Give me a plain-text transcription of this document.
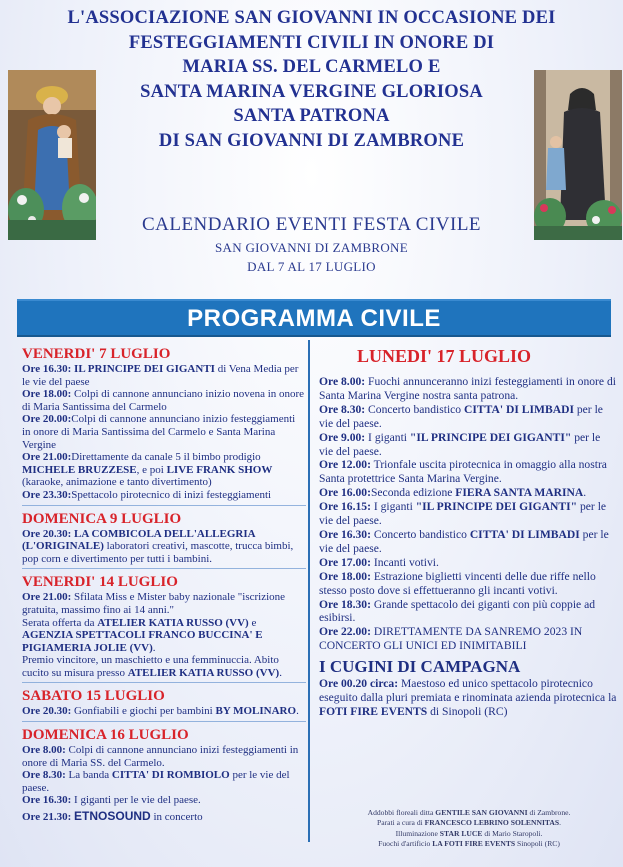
L'ASSOCIAZIONE SAN GIOVANNI IN OCCASIONE DEI
FESTEGGIAMENTI CIVILI IN ONORE DI
MARIA SS. DEL CARMELO E
SANTA MARINA VERGINE GLORIOSA
SANTA PATRONA
DI SAN GIOVANNI DI ZAMBRONE
CALENDARIO EVENTI FESTA CIVILE
SAN GIOVANNI DI ZAMBRONE
DAL 7 AL 17 LUGLIO
PROGRAMMA CIVILE
VENERDI' 7 LUGLIO

Ore 16.30: IL PRINCIPE DEI GIGANTI di Vena Media per le vie del paese

Ore 18.00: Colpi di cannone annunciano inizio novena in onore di Maria Santissima del Carmelo

Ore 20.00:Colpi di cannone annunciano inizio festeggiamenti in onore di Maria Santissima del Carmelo e Santa Marina Vergine

Ore 21.00:Direttamente da canale 5 il bimbo prodigio MICHELE BRUZZESE, e poi LIVE FRANK SHOW (karaoke, animazione e tanto divertimento)

Ore 23.30:Spettacolo pirotecnico di inizi festeggiamenti

DOMENICA 9 LUGLIO

Ore 20.30: LA COMBICOLA DELL'ALLEGRIA (L'ORIGINALE) laboratori creativi, mascotte, trucca bimbi, pop corn e divertimento per tutti i bambini.

VENERDI' 14 LUGLIO

Ore 21.00: Sfilata Miss e Mister baby nazionale "iscrizione gratuita, massimo fino ai 14 anni."

Serata offerta da ATELIER KATIA RUSSO (VV) e AGENZIA SPETTACOLI FRANCO BUCCINA' E PIGIAMERIA JOLIE (VV).

Premio vincitore, un maschietto e una femminuccia. Abito cucito su misura presso ATELIER KATIA RUSSO (VV).

SABATO 15 LUGLIO

Ore 20.30: Gonfiabili e giochi per bambini BY MOLINARO.

DOMENICA 16 LUGLIO

Ore 8.00: Colpi di cannone annunciano inizi festeggiamenti in onore di Maria SS. del Carmelo.

Ore 8.30: La banda CITTA' DI ROMBIOLO per le vie del paese.

Ore 16.30: I giganti per le vie del paese.

Ore 21.30: ETNOSOUND in concerto

LUNEDI' 17 LUGLIO

Ore 8.00: Fuochi annunceranno inizi festeggiamenti in onore di Santa Marina Vergine nostra santa patrona.

Ore 8.30: Concerto bandistico CITTA' DI LIMBADI per le vie del paese.

Ore 9.00: I giganti "IL PRINCIPE DEI GIGANTI" per le vie del paese.

Ore 12.00: Trionfale uscita pirotecnica in omaggio alla nostra Santa protettrice Santa Marina Vergine.

Ore 16.00:Seconda edizione FIERA SANTA MARINA.

Ore 16.15: I giganti "IL PRINCIPE DEI GIGANTI" per le vie del paese.

Ore 16.30: Concerto bandistico CITTA' DI LIMBADI per le vie del paese.

Ore 17.00: Incanti votivi.

Ore 18.00: Estrazione biglietti vincenti delle due riffe nello stesso posto dove si effettueranno gli incanti votivi.

Ore 18.30: Grande spettacolo dei giganti con più coppie ad esibirsi.

Ore 22.00: DIRETTAMENTE DA SANREMO 2023 IN CONCERTO GLI UNICI ED INIMITABILI

I CUGINI DI CAMPAGNA

Ore 00.20 circa: Maestoso ed unico spettacolo pirotecnico eseguito dalla pluri premiata e rinominata azienda pirotecnica la FOTI FIRE EVENTS di Sinopoli (RC)

Addobbi floreali ditta GENTILE SAN GIOVANNI di Zambrone.
Parati a cura di FRANCESCO LEBRINO SOLENNITAS.
Illuminazione STAR LUCE di Mario Staropoli.
Fuochi d'artificio LA FOTI FIRE EVENTS Sinopoli (RC)
